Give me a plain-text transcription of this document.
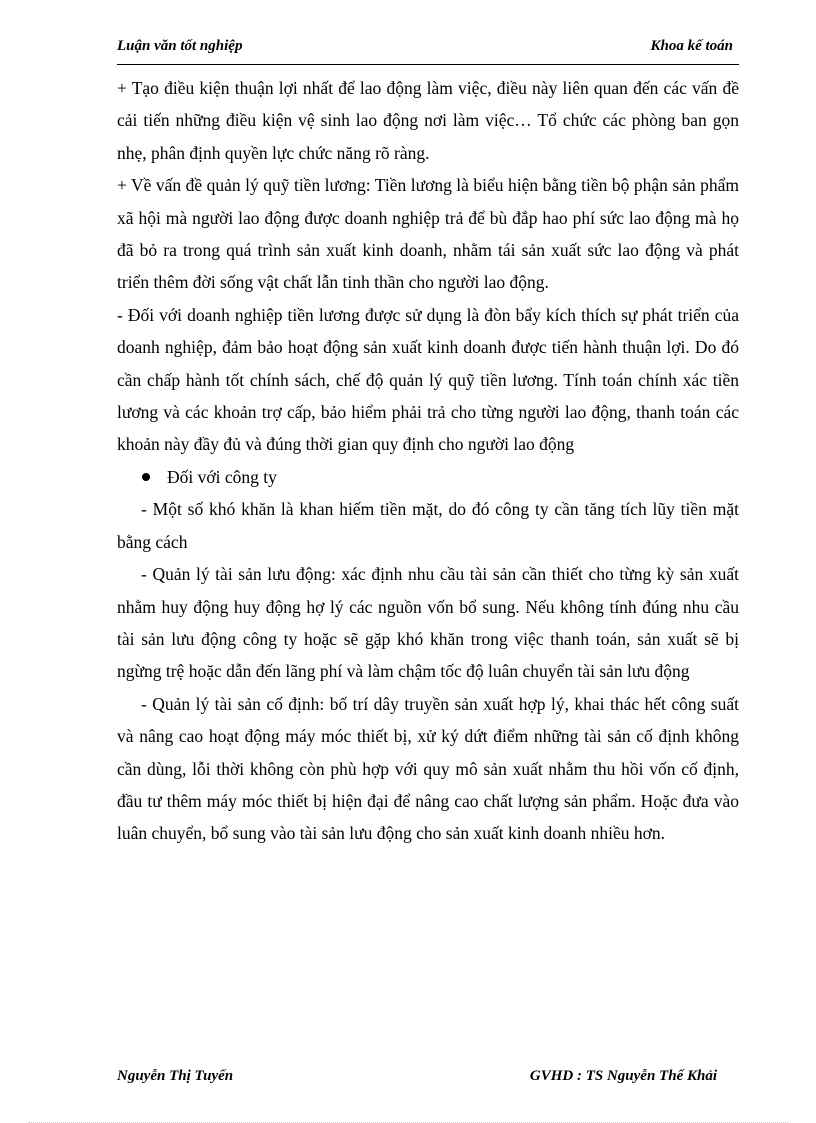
Luận văn tốt nghiệp	Khoa kế toán

+ Tạo điều kiện thuận lợi nhất để lao động làm việc, điều này liên quan đến các vấn đề cải tiến những điều kiện vệ sinh lao động nơi làm việc… Tổ chức các phòng ban gọn nhẹ, phân định quyền lực chức năng rõ ràng.

+ Về vấn đề quản lý quỹ tiền lương: Tiền lương là biểu hiện bằng tiền bộ phận sản phẩm xã hội mà người lao động được doanh nghiệp trả để bù đắp hao phí sức lao động mà họ đã bỏ ra trong quá trình sản xuất kinh doanh, nhằm tái sản xuất sức lao động và phát triển thêm đời sống vật chất lẫn tinh thần cho người lao động.

- Đối với doanh nghiệp tiền lương được sử dụng là đòn bẩy kích thích sự phát triển của doanh nghiệp, đảm bảo hoạt động sản xuất kinh doanh được tiến hành thuận lợi. Do đó cần chấp hành tốt chính sách, chế độ quản lý quỹ tiền lương. Tính toán chính xác tiền lương và các khoản trợ cấp, bảo hiểm phải trả cho từng người lao động, thanh toán các khoản này đầy đủ và đúng thời gian quy định cho người lao động

Đối với công ty

- Một số khó khăn là khan hiếm tiền mặt, do đó công ty cần tăng tích lũy tiền mặt bằng cách

- Quản lý tài sản lưu động: xác định nhu cầu tài sản cần thiết cho từng kỳ sản xuất nhằm huy động huy động hợ lý các nguồn vốn bổ sung. Nếu không tính đúng nhu cầu tài sản lưu động công ty hoặc sẽ gặp khó khăn trong việc thanh toán, sản xuất sẽ bị ngừng trệ hoặc dẫn đến lãng phí và làm chậm tốc độ luân chuyển tài sản lưu động

- Quản lý tài sản cố định: bố trí dây truyền sản xuất hợp lý, khai thác hết công suất và nâng cao hoạt động máy móc thiết bị, xử ký dứt điểm những tài sản cố định không cần dùng, lỗi thời không còn phù hợp với quy mô sản xuất nhằm thu hồi vốn cố định, đầu tư thêm máy móc thiết bị hiện đại để nâng cao chất lượng sản phẩm. Hoặc đưa vào luân chuyển, bổ sung vào tài sản lưu động cho sản xuất kinh doanh nhiều hơn.

Nguyễn Thị Tuyến	GVHD : TS Nguyễn Thế Khải
